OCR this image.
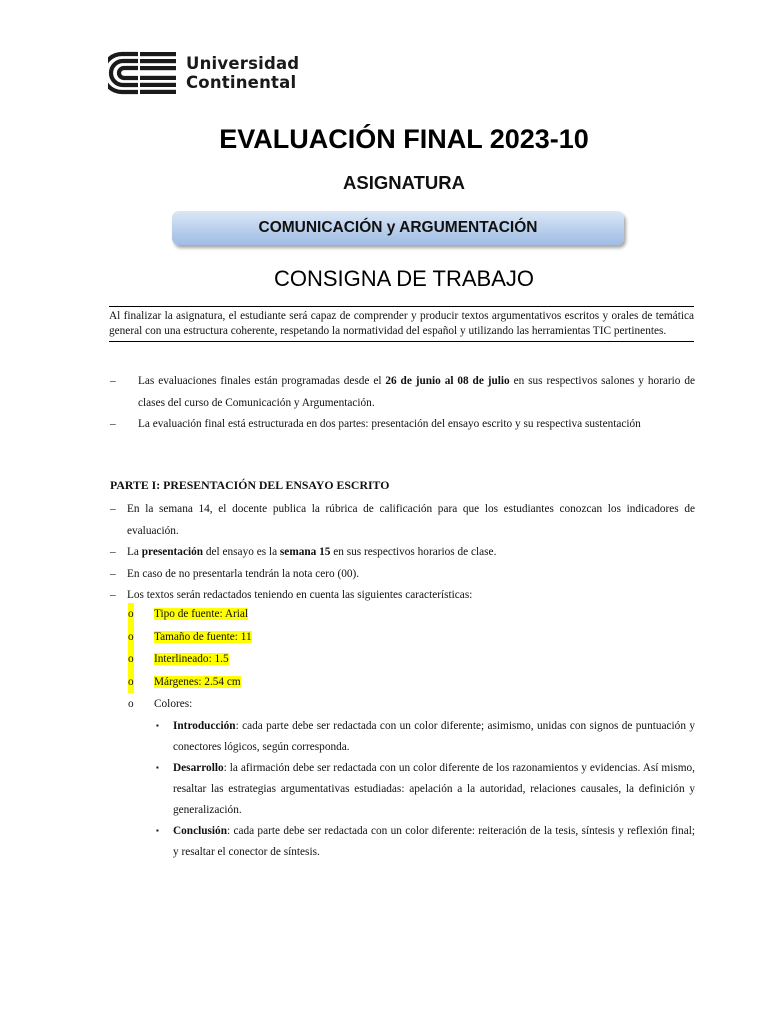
Universidad
Continental
EVALUACIÓN FINAL 2023-10
ASIGNATURA
COMUNICACIÓN y ARGUMENTACIÓN
CONSIGNA DE TRABAJO
Al finalizar la asignatura, el estudiante será capaz de comprender y producir textos argumentativos escritos y orales de temática general con una estructura coherente, respetando la normatividad del español y utilizando las herramientas TIC pertinentes.
– Las evaluaciones finales están programadas desde el 26 de junio al 08 de julio en sus respectivos salones y horario de clases del curso de Comunicación y Argumentación.
– La evaluación final está estructurada en dos partes: presentación del ensayo escrito y su respectiva sustentación
PARTE I: PRESENTACIÓN DEL ENSAYO ESCRITO
– En la semana 14, el docente publica la rúbrica de calificación para que los estudiantes conozcan los indicadores de evaluación.
– La presentación del ensayo es la semana 15 en sus respectivos horarios de clase.
– En caso de no presentarla tendrán la nota cero (00).
– Los textos serán redactados teniendo en cuenta las siguientes características:
o Tipo de fuente: Arial
o Tamaño de fuente: 11
o Interlineado: 1.5
o Márgenes: 2.54 cm
o Colores:
▪ Introducción: cada parte debe ser redactada con un color diferente; asimismo, unidas con signos de puntuación y conectores lógicos, según corresponda.
▪ Desarrollo: la afirmación debe ser redactada con un color diferente de los razonamientos y evidencias. Así mismo, resaltar las estrategias argumentativas estudiadas: apelación a la autoridad, relaciones causales, la definición y generalización.
▪ Conclusión: cada parte debe ser redactada con un color diferente: reiteración de la tesis, síntesis y reflexión final; y resaltar el conector de síntesis.
